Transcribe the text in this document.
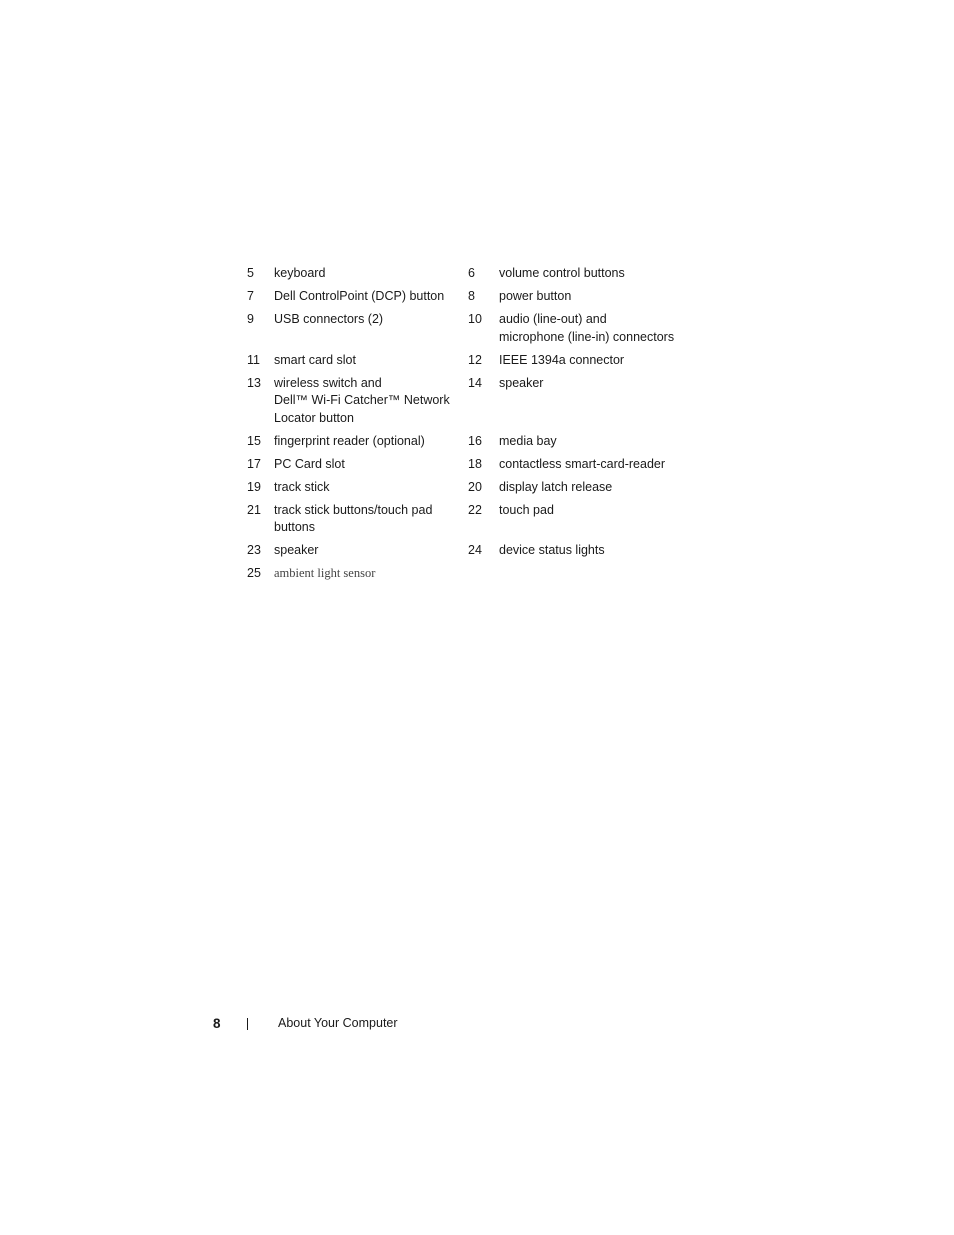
5	keyboard	6	volume control buttons
7	Dell ControlPoint (DCP) button	8	power button
9	USB connectors (2)	10	audio (line-out) and
microphone (line-in) connectors
11	smart card slot	12	IEEE 1394a connector
13	wireless switch and
Dell™ Wi-Fi Catcher™ Network
Locator button	14	speaker
15	fingerprint reader (optional)	16	media bay
17	PC Card slot	18	contactless smart-card-reader
19	track stick	20	display latch release
21	track stick buttons/touch pad
buttons	22	touch pad
23	speaker	24	device status lights
25	ambient light sensor		
8	About Your Computer
